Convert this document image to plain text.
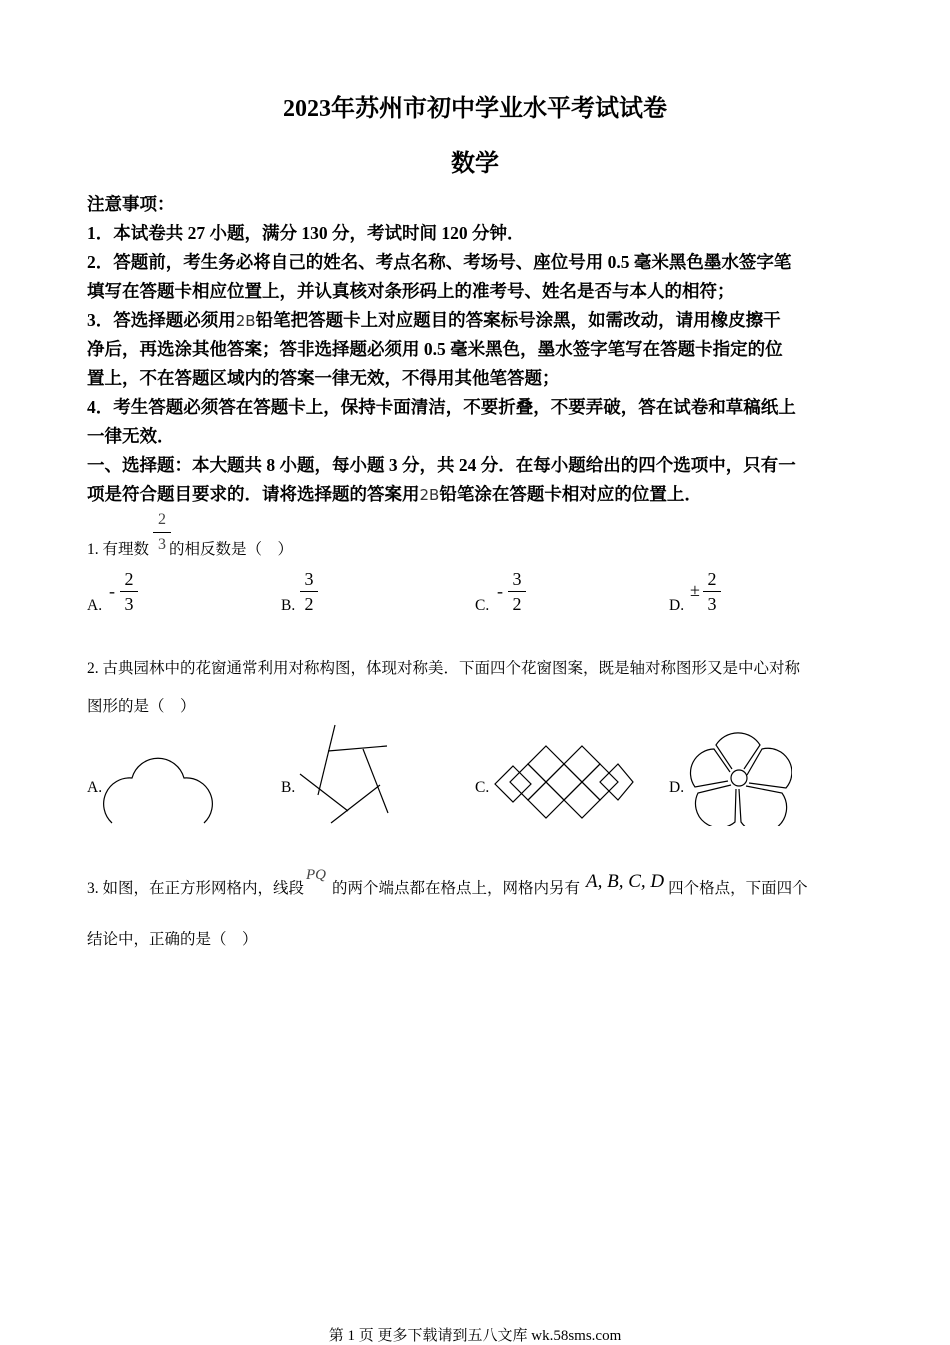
2023年苏州市初中学业水平考试试卷
数学
注意事项：
1．本试卷共 27 小题，满分 130 分，考试时间 120 分钟．
2．答题前，考生务必将自己的姓名、考点名称、考场号、座位号用 0.5 毫米黑色墨水签字笔
填写在答题卡相应位置上，并认真核对条形码上的准考号、姓名是否与本人的相符；
3．答选择题必须用2B铅笔把答题卡上对应题目的答案标号涂黑，如需改动，请用橡皮擦干
净后，再选涂其他答案；答非选择题必须用 0.5 毫米黑色，墨水签字笔写在答题卡指定的位
置上，不在答题区域内的答案一律无效，不得用其他笔答题；
4．考生答题必须答在答题卡上，保持卡面清洁，不要折叠，不要弄破，答在试卷和草稿纸上
一律无效．
一、选择题：本大题共 8 小题，每小题 3 分，共 24 分．在每小题给出的四个选项中，只有一
项是符合题目要求的．请将选择题的答案用2B铅笔涂在答题卡相对应的位置上．
1. 有理数 的相反数是（　）
2
3
A.
-
2
3	B.
3
2	C.
-
3
2	D.
±
2
3
2. 古典园林中的花窗通常利用对称构图，体现对称美．下面四个花窗图案，既是轴对称图形又是中心对称
图形的是（　）
A.	B.	C.	D.
3. 如图，在正方形网格内，线段PQ的两个端点都在格点上，网格内另有 A, B, C, D 四个格点，下面四个
结论中，正确的是（　）
第 1 页 更多下载请到五八文库 wk.58sms.com
